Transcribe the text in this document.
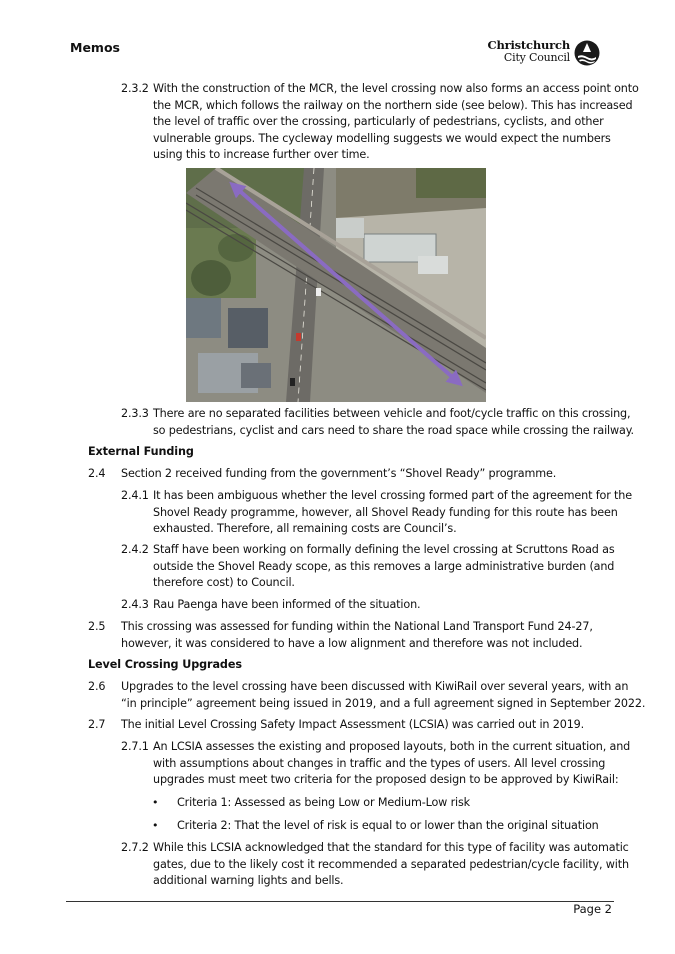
Memos	Christchurch
City Council
2.3.2 With the construction of the MCR, the level crossing now also forms an access point onto
the MCR, which follows the railway on the northern side (see below). This has increased
the level of traffic over the crossing, particularly of pedestrians, cyclists, and other
vulnerable groups. The cycleway modelling suggests we would expect the numbers
using this to increase further over time.
2.3.3 There are no separated facilities between vehicle and foot/cycle traffic on this crossing,
so pedestrians, cyclist and cars need to share the road space while crossing the railway.
External Funding
2.4 Section 2 received funding from the government’s “Shovel Ready” programme.
2.4.1 It has been ambiguous whether the level crossing formed part of the agreement for the
Shovel Ready programme, however, all Shovel Ready funding for this route has been
exhausted. Therefore, all remaining costs are Council’s.
2.4.2 Staff have been working on formally defining the level crossing at Scruttons Road as
outside the Shovel Ready scope, as this removes a large administrative burden (and
therefore cost) to Council.
2.4.3 Rau Paenga have been informed of the situation.
2.5 This crossing was assessed for funding within the National Land Transport Fund 24-27,
however, it was considered to have a low alignment and therefore was not included.
Level Crossing Upgrades
2.6 Upgrades to the level crossing have been discussed with KiwiRail over several years, with an
“in principle” agreement being issued in 2019, and a full agreement signed in September 2022.
2.7 The initial Level Crossing Safety Impact Assessment (LCSIA) was carried out in 2019.
2.7.1 An LCSIA assesses the existing and proposed layouts, both in the current situation, and
with assumptions about changes in traffic and the types of users. All level crossing
upgrades must meet two criteria for the proposed design to be approved by KiwiRail:
• Criteria 1: Assessed as being Low or Medium-Low risk
• Criteria 2: That the level of risk is equal to or lower than the original situation
2.7.2 While this LCSIA acknowledged that the standard for this type of facility was automatic
gates, due to the likely cost it recommended a separated pedestrian/cycle facility, with
additional warning lights and bells.
Page 2
